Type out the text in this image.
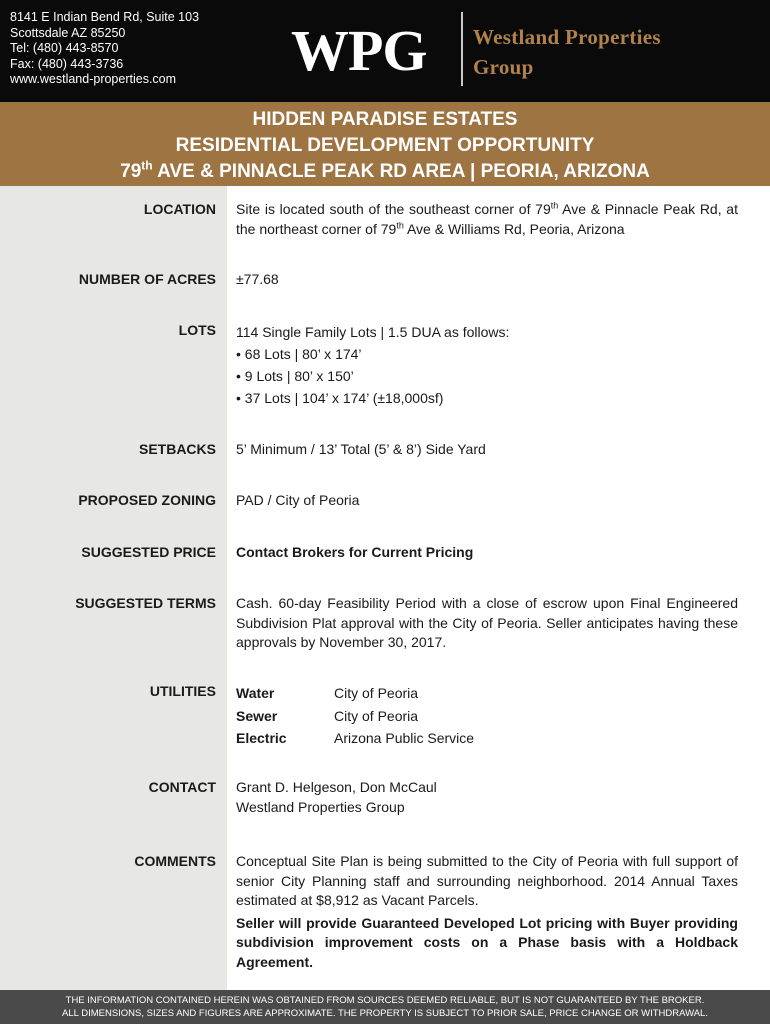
8141 E Indian Bend Rd, Suite 103
Scottsdale AZ 85250
Tel: (480) 443-8570
Fax: (480) 443-3736
www.westland-properties.com	WPG Westland Properties
Group
HIDDEN PARADISE ESTATES
RESIDENTIAL DEVELOPMENT OPPORTUNITY
79th AVE & PINNACLE PEAK RD AREA | PEORIA, ARIZONA
LOCATION Site is located south of the southeast corner of 79th Ave & Pinnacle Peak Rd, at the northeast corner of 79th Ave & Williams Rd, Peoria, Arizona
NUMBER OF ACRES ±77.68
LOTS 114 Single Family Lots | 1.5 DUA as follows:
• 68 Lots | 80’ x 174’
• 9 Lots | 80’ x 150’
• 37 Lots | 104’ x 174’ (±18,000sf)
SETBACKS 5’ Minimum / 13’ Total (5’ & 8’) Side Yard
PROPOSED ZONING PAD / City of Peoria
SUGGESTED PRICE Contact Brokers for Current Pricing
SUGGESTED TERMS Cash. 60-day Feasibility Period with a close of escrow upon Final Engineered Subdivision Plat approval with the City of Peoria. Seller anticipates having these approvals by November 30, 2017.
UTILITIES Water	City of Peoria
Sewer	City of Peoria
Electric	Arizona Public Service
CONTACT Grant D. Helgeson, Don McCaul
Westland Properties Group
COMMENTS Conceptual Site Plan is being submitted to the City of Peoria with full support of senior City Planning staff and surrounding neighborhood. 2014 Annual Taxes estimated at $8,912 as Vacant Parcels.
Seller will provide Guaranteed Developed Lot pricing with Buyer providing subdivision improvement costs on a Phase basis with a Holdback Agreement.
THE INFORMATION CONTAINED HEREIN WAS OBTAINED FROM SOURCES DEEMED RELIABLE, BUT IS NOT GUARANTEED BY THE BROKER.
ALL DIMENSIONS, SIZES AND FIGURES ARE APPROXIMATE. THE PROPERTY IS SUBJECT TO PRIOR SALE, PRICE CHANGE OR WITHDRAWAL.
